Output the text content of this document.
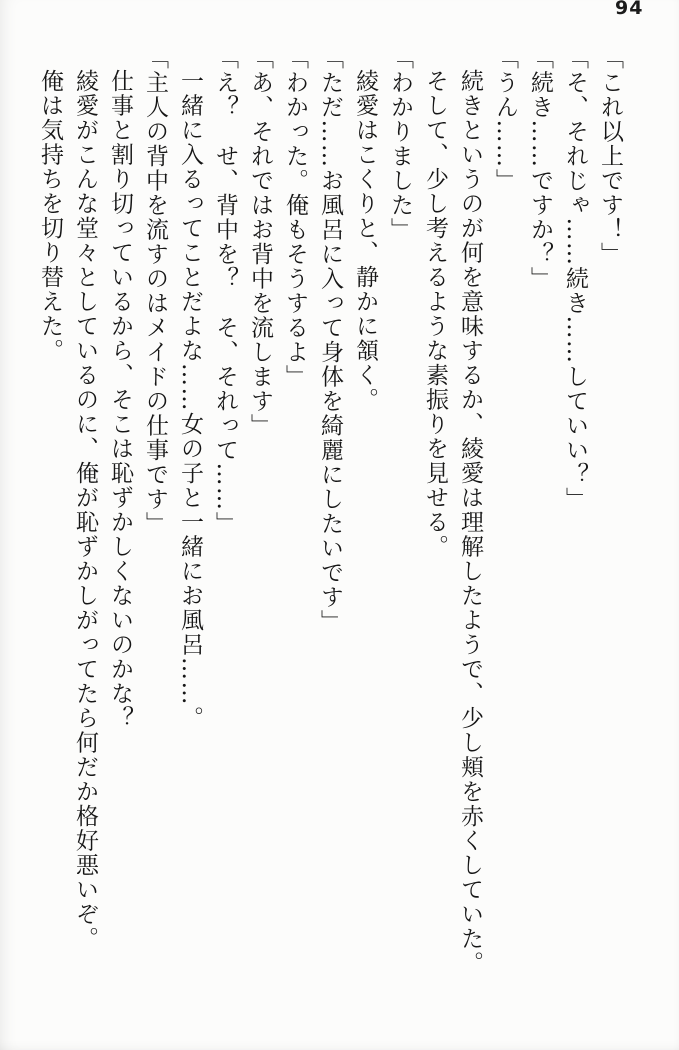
94

「これ以上です！」

「そ、それじゃ……続き……していい？」

「続き……ですか？」

「うん……」

続きというのが何を意味するか、綾愛は理解したようで、少し頬を赤くしていた。

そして、少し考えるような素振りを見せる。

「わかりました」

綾愛はこくりと、静かに頷く。

「ただ……お風呂に入って身体を綺麗にしたいです」

「わかった。俺もそうするよ」

「あ、それではお背中を流します」

「え？　せ、背中を？　そ、それって……」

一緒に入るってことだよな……女の子と一緒にお風呂……。

「主人の背中を流すのはメイドの仕事です」

仕事と割り切っているから、そこは恥ずかしくないのかな？

綾愛がこんな堂々としているのに、俺が恥ずかしがってたら何だか格好悪いぞ。

俺は気持ちを切り替えた。
